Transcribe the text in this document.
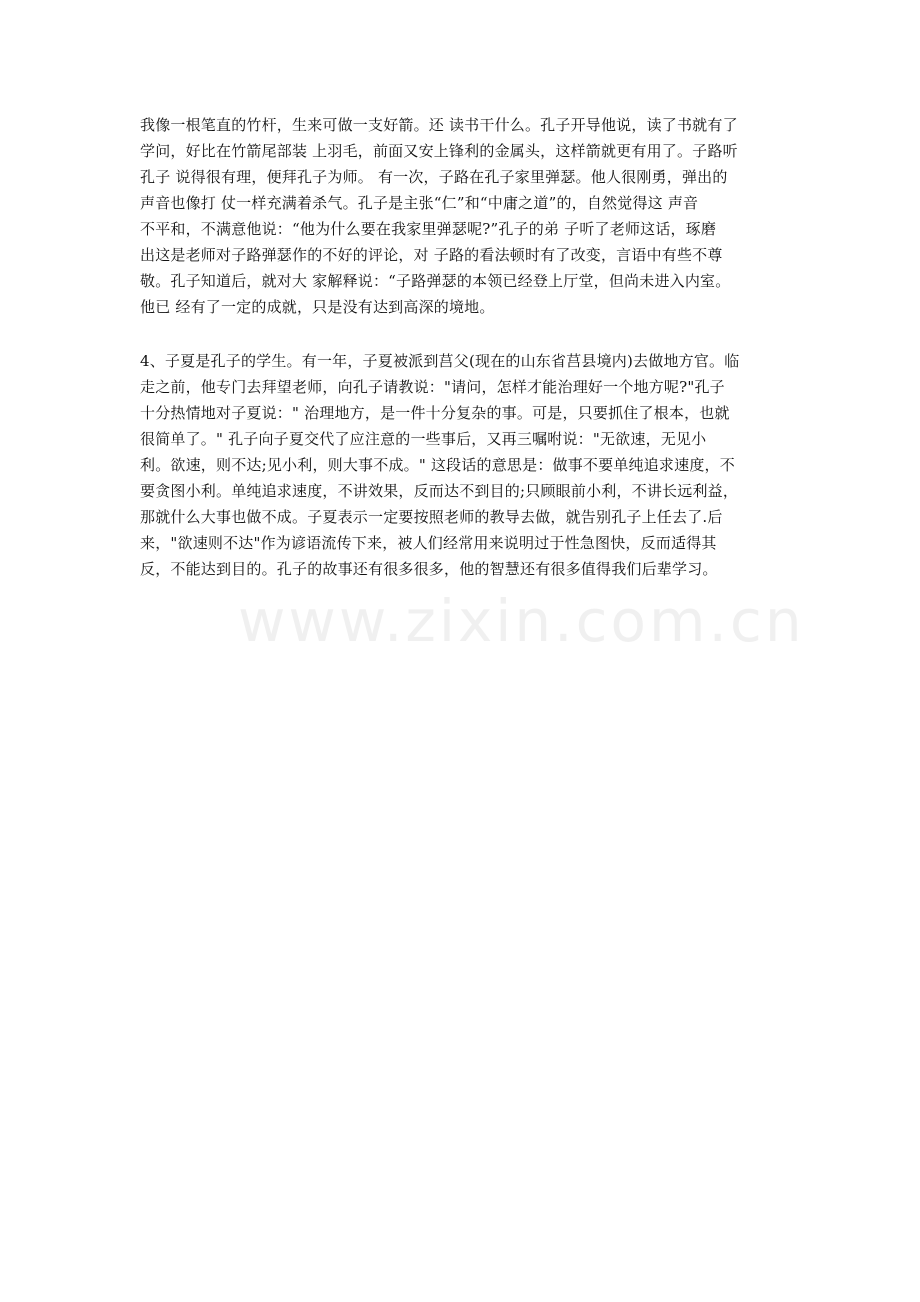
我像一根笔直的竹杆，生来可做一支好箭。还 读书干什么。孔子开导他说，读了书就有了
学问，好比在竹箭尾部装 上羽毛，前面又安上锋利的金属头，这样箭就更有用了。子路听
孔子 说得很有理，便拜孔子为师。 有一次，子路在孔子家里弹瑟。他人很刚勇，弹出的
声音也像打 仗一样充满着杀气。孔子是主张“仁”和“中庸之道”的，自然觉得这 声音
不平和，不满意他说：“他为什么要在我家里弹瑟呢?”孔子的弟 子听了老师这话，琢磨
出这是老师对子路弹瑟作的不好的评论，对 子路的看法顿时有了改变，言语中有些不尊
敬。孔子知道后，就对大 家解释说：“子路弹瑟的本领已经登上厅堂，但尚未进入内室。
他已 经有了一定的成就，只是没有达到高深的境地。
4、子夏是孔子的学生。有一年，子夏被派到莒父(现在的山东省莒县境内)去做地方官。临
走之前，他专门去拜望老师，向孔子请教说："请问，怎样才能治理好一个地方呢?"孔子
十分热情地对子夏说：" 治理地方，是一件十分复杂的事。可是，只要抓住了根本，也就
很简单了。" 孔子向子夏交代了应注意的一些事后，又再三嘱咐说："无欲速，无见小
利。欲速，则不达;见小利，则大事不成。" 这段话的意思是：做事不要单纯追求速度，不
要贪图小利。单纯追求速度，不讲效果，反而达不到目的;只顾眼前小利，不讲长远利益，
那就什么大事也做不成。子夏表示一定要按照老师的教导去做，就告别孔子上任去了.后
来，"欲速则不达"作为谚语流传下来，被人们经常用来说明过于性急图快，反而适得其
反，不能达到目的。孔子的故事还有很多很多，他的智慧还有很多值得我们后辈学习。
www.zixin.com.cn
